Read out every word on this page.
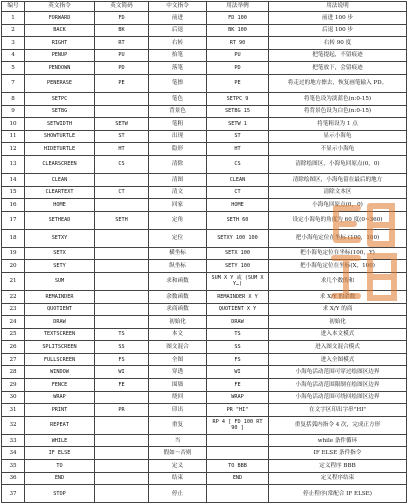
编号	英文指令	英文简码	中文指令	用法举例	用法说明
1	FORWARD	FD	前进	FD 100	前进 100 步
2	BACK	BK	后退	BK 100	后退 100 步
3	RIGHT	RT	右转	RT 90	右转 90 度
4	PENUP	PU	抬笔	PU	把笔提起，不留痕迹
5	PENDOWN	PD	落笔	PD	把笔放下，会留痕迹
7	PENERASE	PE	笔擦	PE	将走过的地方擦去，恢复画笔输入 PD。
8	SETPC		笔色	SETPC 9	将笔色设为淡蓝色(n:0-15)
9	SETBG		背景色	SETBG 15	将背景色设为白色(n:0-15)
10	SETWIDTH	SETW	笔粗	SETW 1	将笔粗设为 1 点
11	SHOWTURTLE	ST	出现	ST	显示小海龟
12	HIDETURTLE	HT	隐形	HT	不显示小海龟
13	CLEARSCREEN	CS	清除	CS	清除绘图区，小海龟回原点(0，0)
14	CLEAN		清图	CLEAN	清除绘图区，小海龟留在最后的地方
15	CLEARTEXT	CT	清文	CT	清除文本区
16	HOME		回家	HOME	小海龟回原点(0，0)
17	SETHEAD	SETH	定角	SETH 60	设定小海龟的角度为 60 度(0~360)
18	SETXY		定位	SETXY 100 100	把小海龟定位在坐标 (100，100)
19	SETX		横坐标	SETX 100	把小海龟定位在坐标(100，Y)
20	SETY		纵坐标	SETY 100	把小海龟定位在坐标(X，100)
21	SUM		求和函数	SUM X Y 或 (SUM X Y…)	求几个数的和
22	REMAINDER		余数函数	REMAINDER X Y	求 X/Y 的余数
23	QUOTIENT		求商函数	QUOTIENT X Y	求 X/Y 的商
24	DRAW		初始化	DRAW	初始化
25	TEXTSCREEN	TS	本文	TS	进入本文模式
26	SPLITSCREEN	SS	图文混合	SS	进入图文混合模式
27	FULLSCREEN	FS	全图	FS	进入全图模式
28	WINDOW	WI	穿透	WI	小海龟活动范围可穿过绘图区边界
29	FENCE	FE	围墙	FE	小海龟活动范围限制在绘图区边界
30	WRAP		绕回	WRAP	小海龟活动范围可绕回绘图区边界
31	PRINT	PR	印出	PR "HI"	在文字区印出字串"HI"
32	REPEAT		重复	RP 4 [ FD 100 RT 90 ]	重复括弧内指令 4 次，完成正方形
33	WHILE		当		while 条件循环
34	IF ELSE		假如～否则		IF ELSE 条件指令
35	TO		定义	TO BBB	定义程序 BBB
36	END		结束	END	定义程序结束
37	STOP		停止		停止程序(常配合 IF ELSE)
